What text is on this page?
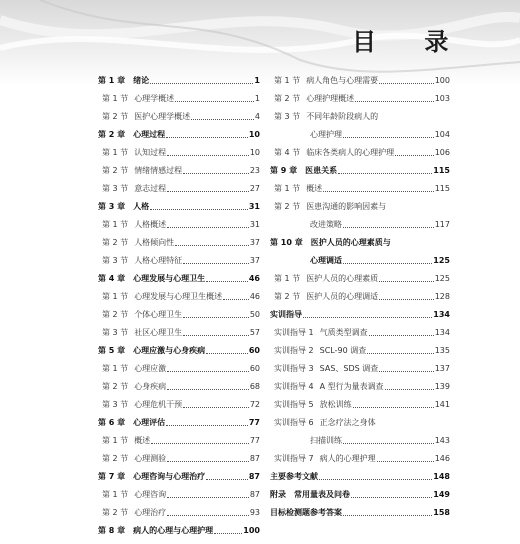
目 录
第 1 章 绪论	1
第 1 节 心理学概述	1
第 2 节 医护心理学概述	4
第 2 章 心理过程	10
第 1 节 认知过程	10
第 2 节 情绪情感过程	23
第 3 节 意志过程	27
第 3 章 人格	31
第 1 节 人格概述	31
第 2 节 人格倾向性	37
第 3 节 人格心理特征	37
第 4 章 心理发展与心理卫生	46
第 1 节 心理发展与心理卫生概述	46
第 2 节 个体心理卫生	50
第 3 节 社区心理卫生	57
第 5 章 心理应激与心身疾病	60
第 1 节 心理应激	60
第 2 节 心身疾病	68
第 3 节 心理危机干预	72
第 6 章 心理评估	77
第 1 节 概述	77
第 2 节 心理测验	87
第 7 章 心理咨询与心理治疗	87
第 1 节 心理咨询	87
第 2 节 心理治疗	93
第 8 章 病人的心理与心理护理	100
第 1 节 病人角色与心理需要	100
第 2 节 心理护理概述	103
第 3 节 不同年龄阶段病人的
心理护理	104
第 4 节 临床各类病人的心理护理	106
第 9 章 医患关系	115
第 1 节 概述	115
第 2 节 医患沟通的影响因素与
改进策略	117
第 10 章 医护人员的心理素质与
心理调适	125
第 1 节 医护人员的心理素质	125
第 2 节 医护人员的心理调适	128
实训指导	134
实训指导 1 气质类型调查	134
实训指导 2 SCL-90 调查	135
实训指导 3 SAS、SDS 调查	137
实训指导 4 A 型行为量表调查	139
实训指导 5 放松训练	141
实训指导 6 正念疗法之身体
扫描训练	143
实训指导 7 病人的心理护理	146
主要参考文献	148
附录 常用量表及问卷	149
目标检测题参考答案	158
